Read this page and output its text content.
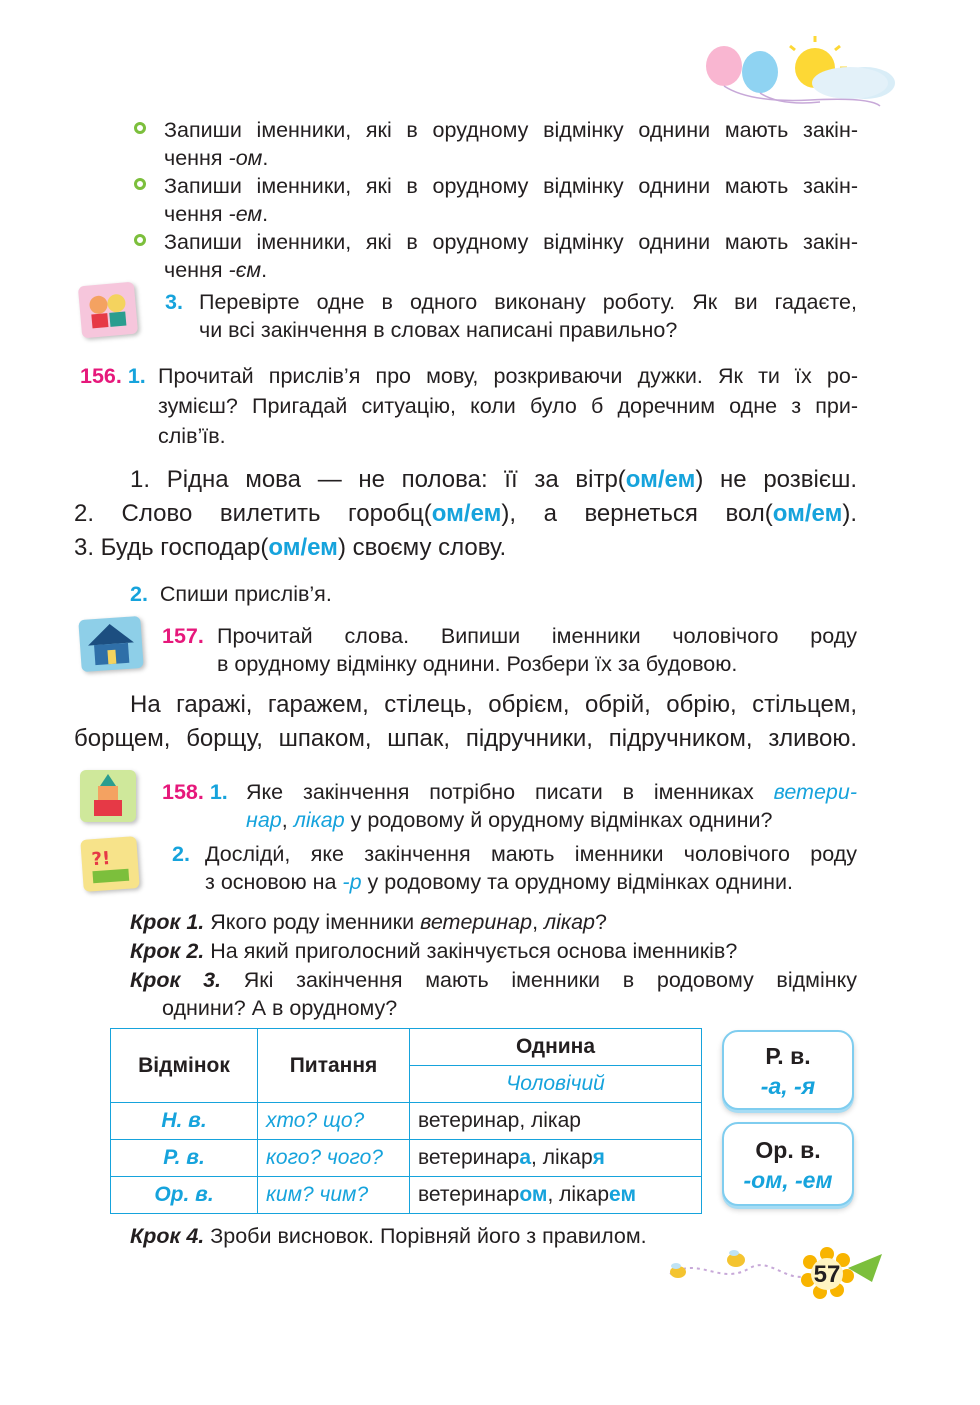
Запиши іменники, які в орудному відмінку однини мають закін-
чення -ом.
Запиши іменники, які в орудному відмінку однини мають закін-
чення -ем.
Запиши іменники, які в орудному відмінку однини мають закін-
чення -єм.
3. Перевірте одне в одного виконану роботу. Як ви гадаєте,
чи всі закінчення в словах написані правильно?
156. 1. Прочитай прислів’я про мову, розкриваючи дужки. Як ти їх ро-
зумієш? Пригадай ситуацію, коли було б доречним одне з при-
слів’їв.
1. Рідна мова — не полова: її за вітр(ом/ем) не розвієш.
2. Слово вилетить горобц(ом/ем), а вернеться вол(ом/ем).
3. Будь господар(ом/ем) своєму слову.
2. Спиши прислів’я.
157. Прочитай слова. Випиши іменники чоловічого роду
в орудному відмінку однини. Розбери їх за будовою.
На гаражі, гаражем, стілець, обрієм, обрій, обрію, стільцем,
борщем, борщу, шпаком, шпак, підручники, підручником, зливою.
?!
158. 1. Яке закінчення потрібно писати в іменниках ветери-
нар, лікар у родовому й орудному відмінках однини?
2. Досліди́, яке закінчення мають іменники чоловічого роду
з основою на -р у родовому та орудному відмінках однини.
Крок 1. Якого роду іменники ветеринар, лікар?
Крок 2. На який приголосний закінчується основа іменників?
Крок 3. Які закінчення мають іменники в родовому відмінку
однини? А в орудному?
Відмінок	Питання	Однина
		Чоловічий
Н. в.	хто? що?	ветеринар, лікар
Р. в.	кого? чого?	ветеринара, лікаря
Ор. в.	ким? чим?	ветеринаром, лікарем
Р. в.
-а, -я
Ор. в.
-ом, -ем
Крок 4. Зроби висновок. Порівняй його з правилом.
57
